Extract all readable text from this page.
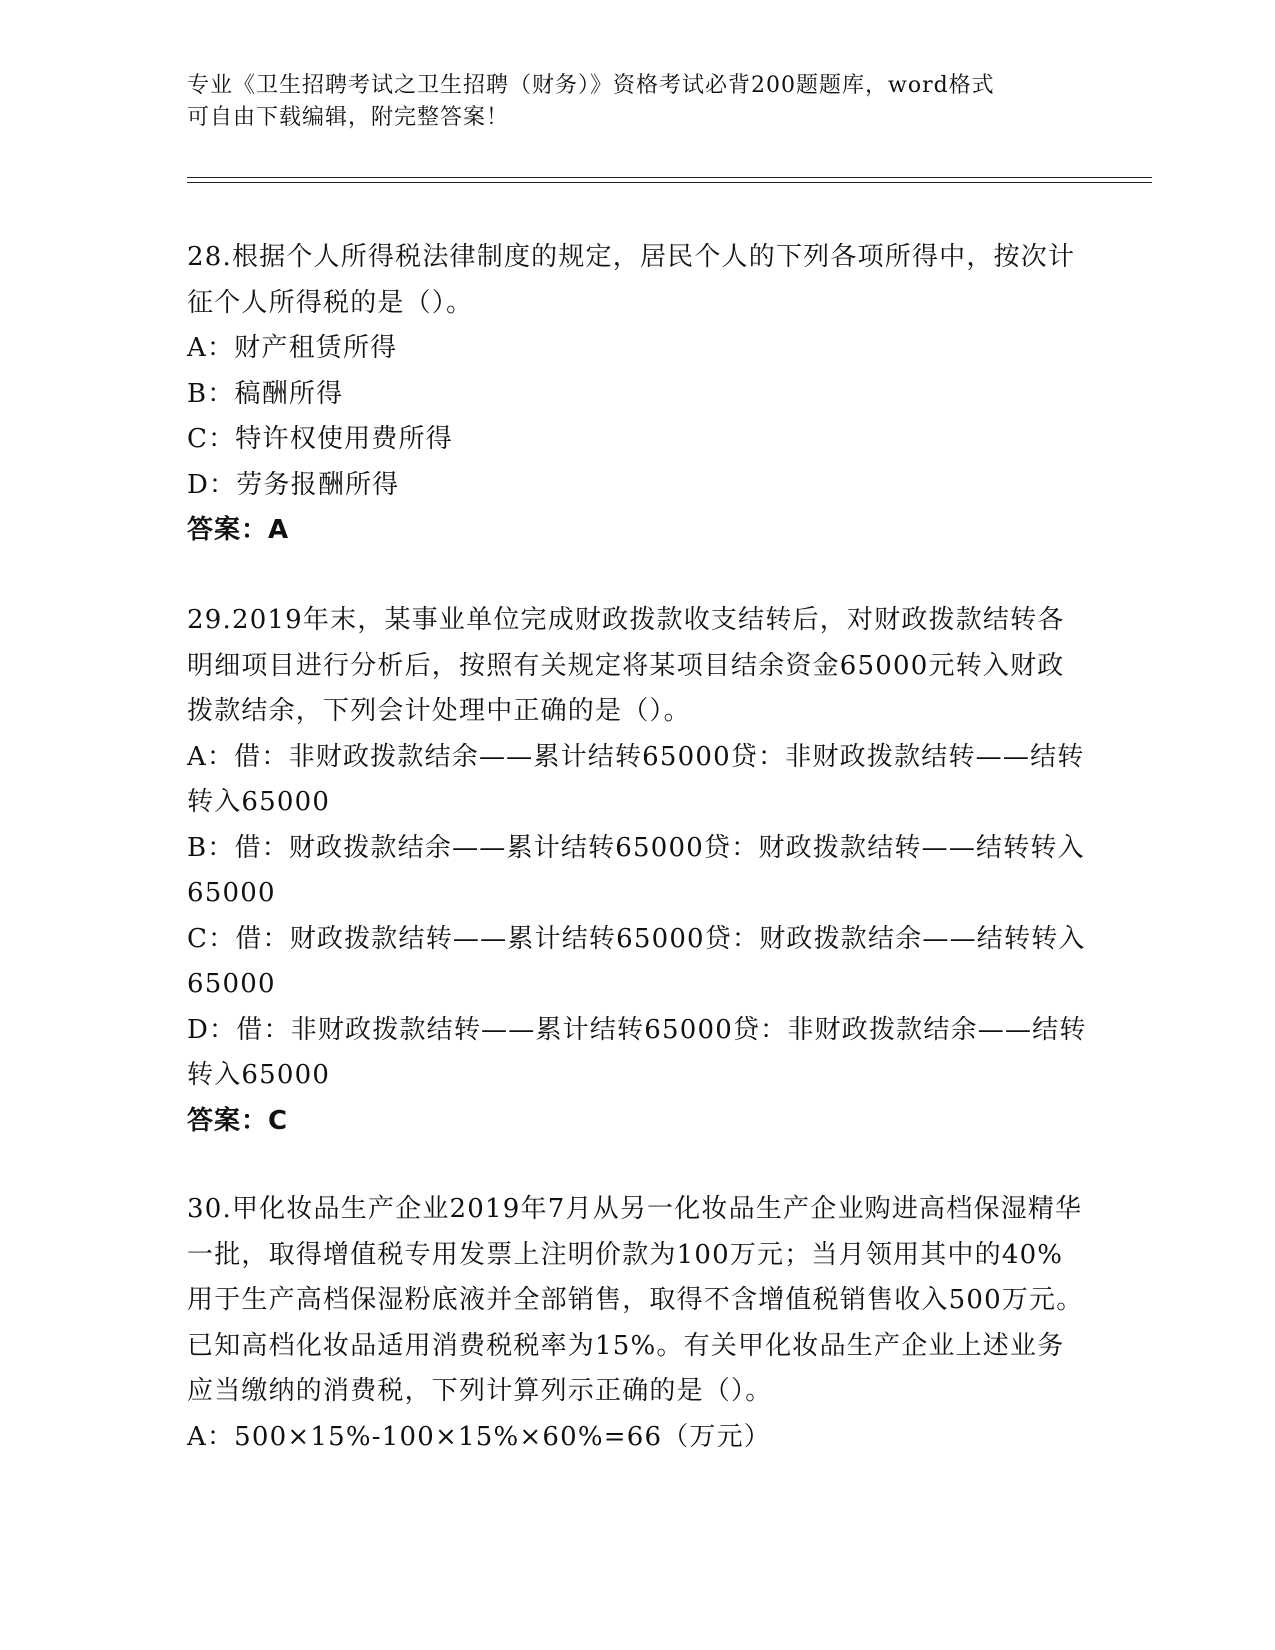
专业《卫生招聘考试之卫生招聘（财务）》资格考试必背200题题库，word格式
可自由下载编辑，附完整答案！

28.根据个人所得税法律制度的规定，居民个人的下列各项所得中，按次计征个人所得税的是（）。

A：财产租赁所得

B：稿酬所得

C：特许权使用费所得

D：劳务报酬所得

答案：A

29.2019年末，某事业单位完成财政拨款收支结转后，对财政拨款结转各明细项目进行分析后，按照有关规定将某项目结余资金65000元转入财政拨款结余，下列会计处理中正确的是（）。

A：借：非财政拨款结余——累计结转65000贷：非财政拨款结转——结转转入65000

B：借：财政拨款结余——累计结转65000贷：财政拨款结转——结转转入65000

C：借：财政拨款结转——累计结转65000贷：财政拨款结余——结转转入65000

D：借：非财政拨款结转——累计结转65000贷：非财政拨款结余——结转转入65000

答案：C

30.甲化妆品生产企业2019年7月从另一化妆品生产企业购进高档保湿精华一批，取得增值税专用发票上注明价款为100万元；当月领用其中的40%用于生产高档保湿粉底液并全部销售，取得不含增值税销售收入500万元。已知高档化妆品适用消费税税率为15%。有关甲化妆品生产企业上述业务应当缴纳的消费税，下列计算列示正确的是（）。

A：500×15%-100×15%×60%=66（万元）
